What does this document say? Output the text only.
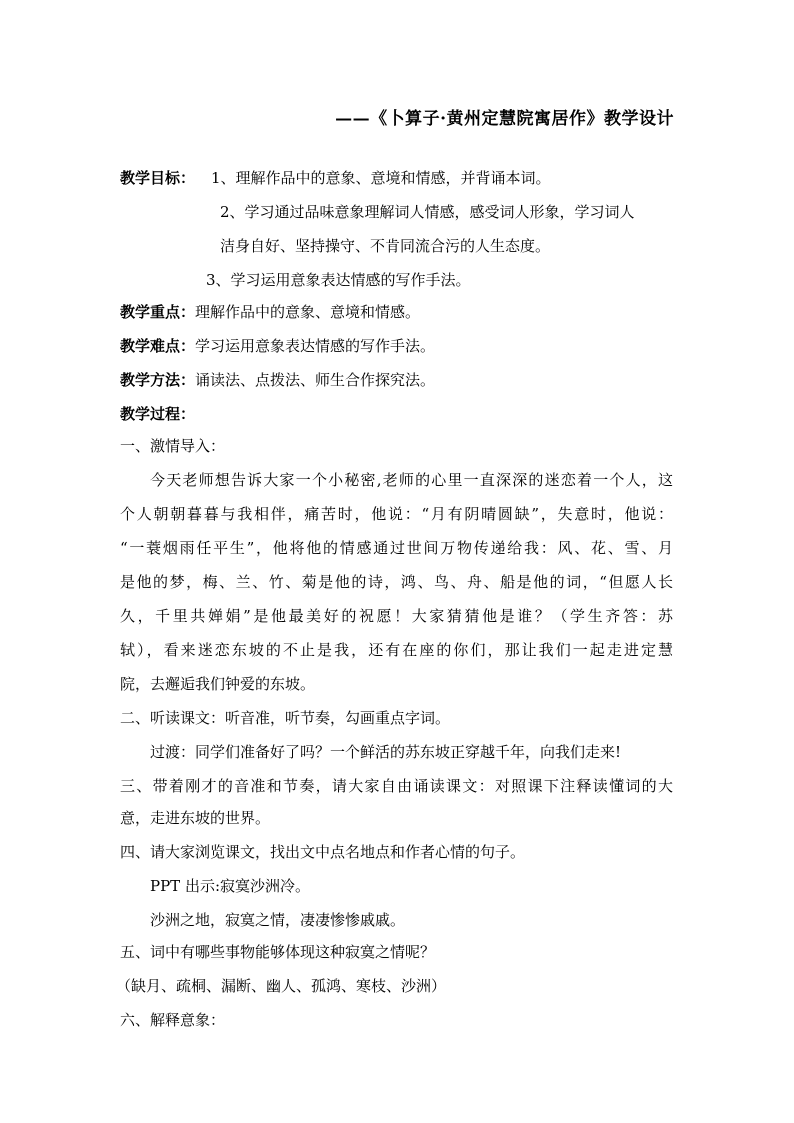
——《卜算子·黄州定慧院寓居作》教学设计
教学目标： 1、理解作品中的意象、意境和情感，并背诵本词。
2、学习通过品味意象理解词人情感，感受词人形象，学习词人
洁身自好、坚持操守、不肯同流合污的人生态度。
3、学习运用意象表达情感的写作手法。
教学重点：理解作品中的意象、意境和情感。
教学难点：学习运用意象表达情感的写作手法。
教学方法：诵读法、点拨法、师生合作探究法。
教学过程：
一、激情导入：
今天老师想告诉大家一个小秘密,老师的心里一直深深的迷恋着一个人，这
个人朝朝暮暮与我相伴，痛苦时，他说：“月有阴晴圆缺”，失意时，他说：
“一蓑烟雨任平生”，他将他的情感通过世间万物传递给我：风、花、雪、月
是他的梦，梅、兰、竹、菊是他的诗，鸿、鸟、舟、船是他的词，“但愿人长
久，千里共婵娟”是他最美好的祝愿！大家猜猜他是谁？（学生齐答：苏
轼），看来迷恋东坡的不止是我，还有在座的你们，那让我们一起走进定慧
院，去邂逅我们钟爱的东坡。
二、听读课文：听音准，听节奏，勾画重点字词。
过渡：同学们准备好了吗？一个鲜活的苏东坡正穿越千年，向我们走来!
三、带着刚才的音准和节奏，请大家自由诵读课文：对照课下注释读懂词的大
意，走进东坡的世界。
四、请大家浏览课文，找出文中点名地点和作者心情的句子。
PPT 出示:寂寞沙洲冷。
沙洲之地，寂寞之情，凄凄惨惨戚戚。
五、词中有哪些事物能够体现这种寂寞之情呢？
（缺月、疏桐、漏断、幽人、孤鸿、寒枝、沙洲）
六、解释意象：
